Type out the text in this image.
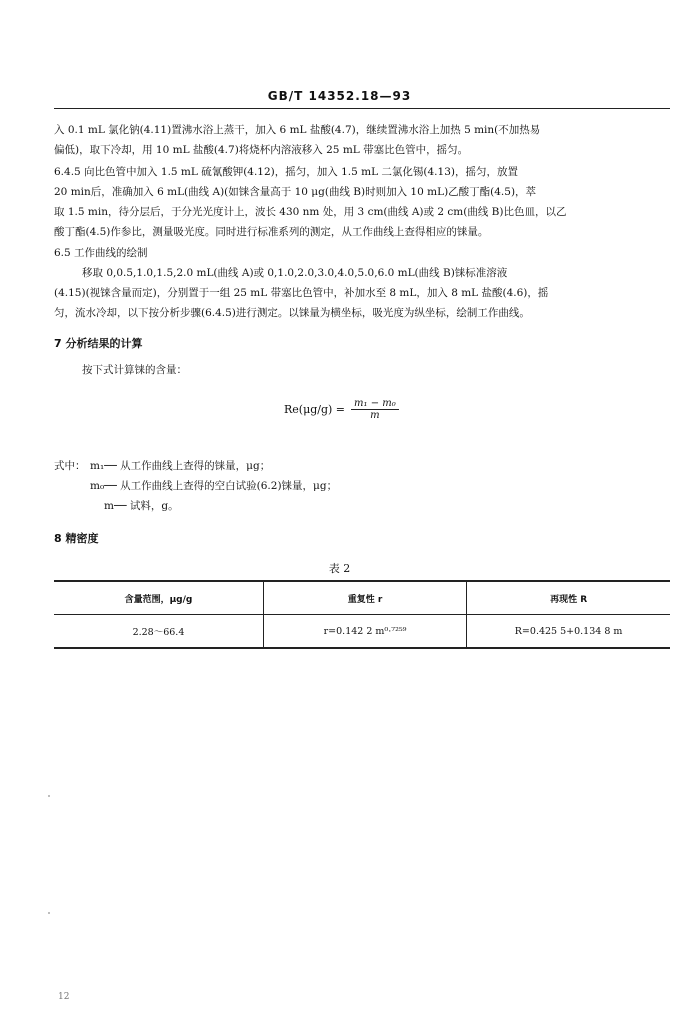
GB/T 14352.18—93
入 0.1 mL 氯化钠(4.11)置沸水浴上蒸干，加入 6 mL 盐酸(4.7)，继续置沸水浴上加热 5 min(不加热易
偏低)，取下冷却，用 10 mL 盐酸(4.7)将烧杯内溶液移入 25 mL 带塞比色管中，摇匀。
6.4.5 向比色管中加入 1.5 mL 硫氰酸钾(4.12)，摇匀，加入 1.5 mL 二氯化锡(4.13)，摇匀，放置
20 min后，准确加入 6 mL(曲线 A)(如铼含量高于 10 μg(曲线 B)时则加入 10 mL)乙酸丁酯(4.5)，萃
取 1.5 min，待分层后，于分光光度计上，波长 430 nm 处，用 3 cm(曲线 A)或 2 cm(曲线 B)比色皿，以乙
酸丁酯(4.5)作参比，测量吸光度。同时进行标准系列的测定，从工作曲线上查得相应的铼量。
6.5 工作曲线的绘制
移取 0,0.5,1.0,1.5,2.0 mL(曲线 A)或 0,1.0,2.0,3.0,4.0,5.0,6.0 mL(曲线 B)铼标准溶液
(4.15)(视铼含量而定)，分别置于一组 25 mL 带塞比色管中，补加水至 8 mL，加入 8 mL 盐酸(4.6)，摇
匀，流水冷却，以下按分析步骤(6.4.5)进行测定。以铼量为横坐标，吸光度为纵坐标，绘制工作曲线。
7 分析结果的计算
按下式计算铼的含量：
$Re(\mu g/g) = \frac{\text{m₁ − m₀}}{m}$
式中： m₁── 从工作曲线上查得的铼量，μg；
m₀── 从工作曲线上查得的空白试验(6.2)铼量，μg；
m── 试料，g。
8 精密度
表 2
含量范围，μg/g	重复性 r	再现性 R
2.28～66.4	r=0.142 2 m⁰·⁷²⁵⁹	R=0.425 5+0.134 8 m
12
